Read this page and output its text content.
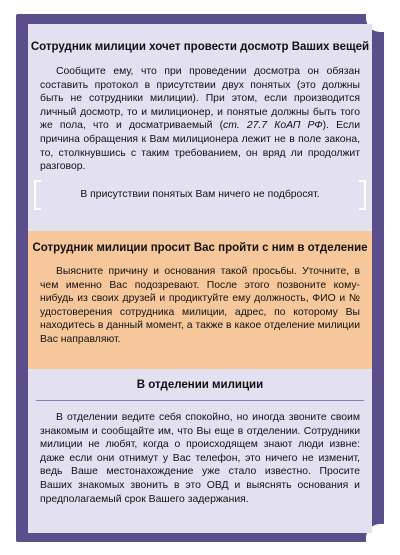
Сотрудник милиции хочет провести досмотр Ваших вещей

Сообщите ему, что при проведении досмотра он обязан составить протокол в присутствии двух понятых (это должны быть не сотрудники милиции). При этом, если производится личный досмотр, то и милиционер, и понятые должны быть того же пола, что и досматриваемый (ст. 27.7 КоАП РФ). Если причина обращения к Вам милиционера лежит не в поле закона, то, столкнувшись с таким требованием, он вряд ли продолжит разговор.

В присутствии понятых Вам ничего не подбросят.
Сотрудник милиции просит Вас пройти с ним в отделение

Выясните причину и основания такой просьбы. Уточните, в чем именно Вас подозревают. После этого позвоните кому-нибудь из своих друзей и продиктуйте ему должность, ФИО и № удостоверения сотрудника милиции, адрес, по которому Вы находитесь в данный момент, а также в какое отделение милиции Вас направляют.

В отделении милиции

В отделении ведите себя спокойно, но иногда звоните своим знакомым и сообщайте им, что Вы еще в отделении. Сотрудники милиции не любят, когда о происходящем знают люди извне: даже если они отнимут у Вас телефон, это ничего не изменит, ведь Ваше местонахождение уже стало известно. Просите Ваших знакомых звонить в это ОВД и выяснять основания и предполагаемый срок Вашего задержания.
